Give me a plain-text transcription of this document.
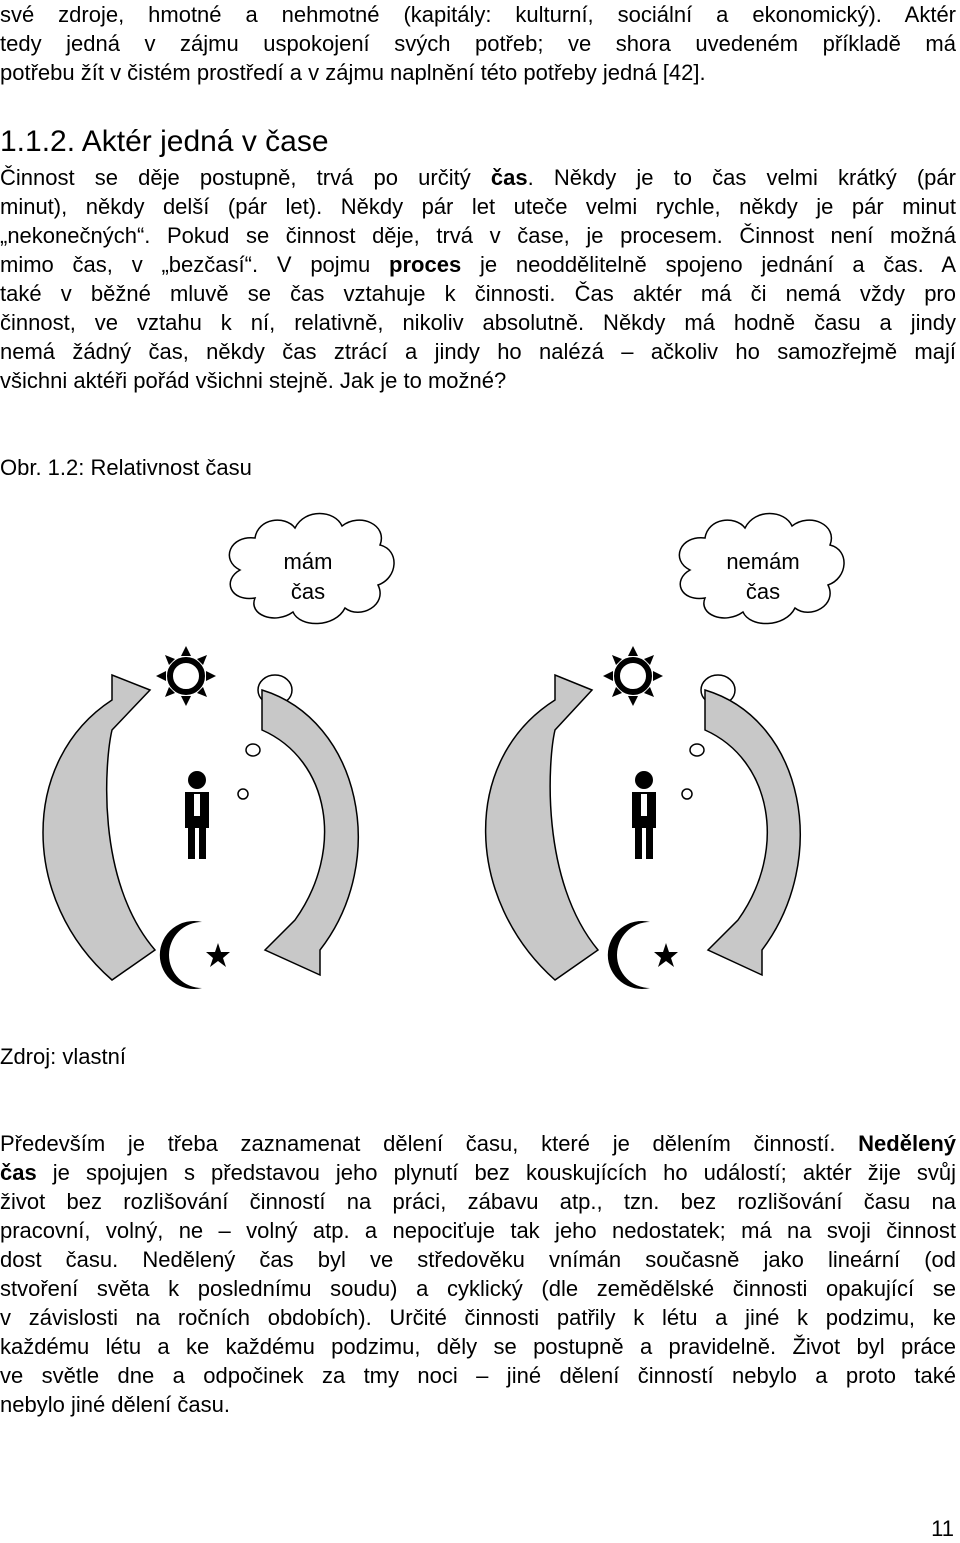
své zdroje, hmotné a nehmotné (kapitály: kulturní, sociální a ekonomický). Aktér
tedy jedná v zájmu uspokojení svých potřeb; ve shora uvedeném příkladě má
potřebu žít v čistém prostředí a v zájmu naplnění této potřeby jedná [42].
1.1.2. Aktér jedná v čase
Činnost se děje postupně, trvá po určitý čas. Někdy je to čas velmi krátký (pár
minut), někdy delší (pár let). Někdy pár let uteče velmi rychle, někdy je pár minut
„nekonečných“. Pokud se činnost děje, trvá v čase, je procesem. Činnost není možná
mimo čas, v „bezčasí“. V pojmu proces je neoddělitelně spojeno jednání a čas. A
také v běžné mluvě se čas vztahuje k činnosti. Čas aktér má či nemá vždy pro
činnost, ve vztahu k ní, relativně, nikoliv absolutně. Někdy má hodně času a jindy
nemá žádný čas, někdy čas ztrácí a jindy ho nalézá – ačkoliv ho samozřejmě mají
všichni aktéři pořád všichni stejně. Jak je to možné?
Obr. 1.2: Relativnost času
mám
čas
nemám
čas
Zdroj: vlastní
Především je třeba zaznamenat dělení času, které je dělením činností. Nedělený
čas je spojujen s představou jeho plynutí bez kouskujících ho událostí; aktér žije svůj
život bez rozlišování činností na práci, zábavu atp., tzn. bez rozlišování času na
pracovní, volný, ne – volný atp. a nepociťuje tak jeho nedostatek; má na svoji činnost
dost času. Nedělený čas byl ve středověku vnímán současně jako lineární (od
stvoření světa k poslednímu soudu) a cyklický (dle zemědělské činnosti opakující se
v závislosti na ročních obdobích). Určité činnosti patřily k létu a jiné k podzimu, ke
každému létu a ke každému podzimu, děly se postupně a pravidelně. Život byl práce
ve světle dne a odpočinek za tmy noci – jiné dělení činností nebylo a proto také
nebylo jiné dělení času.
11
